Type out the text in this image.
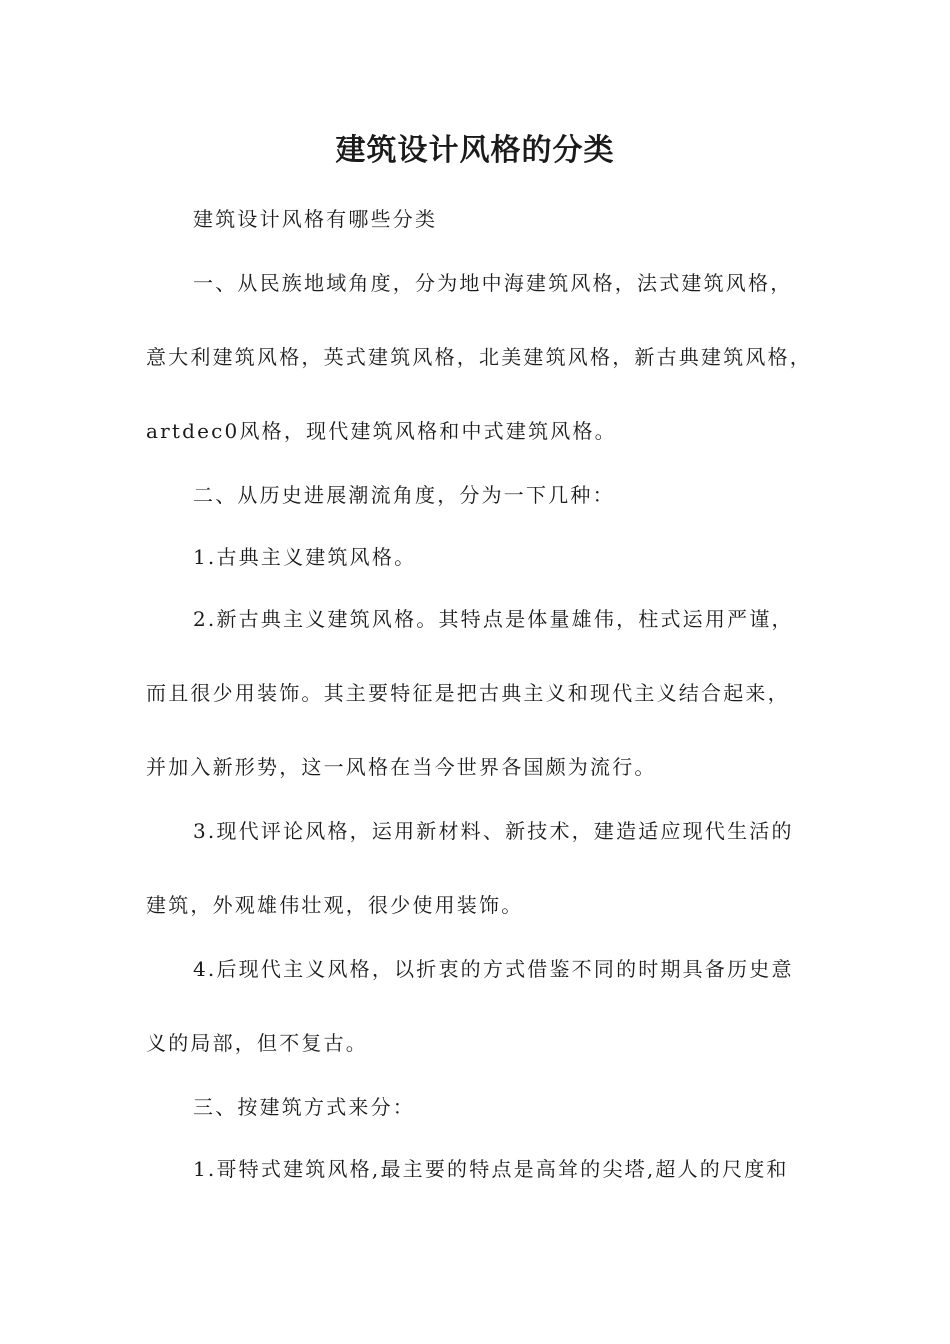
建筑设计风格的分类

建筑设计风格有哪些分类

一、从民族地域角度，分为地中海建筑风格，法式建筑风格，

意大利建筑风格，英式建筑风格，北美建筑风格，新古典建筑风格，

artdec0风格，现代建筑风格和中式建筑风格。

二、从历史进展潮流角度，分为一下几种：

1.古典主义建筑风格。

2.新古典主义建筑风格。其特点是体量雄伟，柱式运用严谨，

而且很少用装饰。其主要特征是把古典主义和现代主义结合起来，

并加入新形势，这一风格在当今世界各国颇为流行。

3.现代评论风格，运用新材料、新技术，建造适应现代生活的

建筑，外观雄伟壮观，很少使用装饰。

4.后现代主义风格，以折衷的方式借鉴不同的时期具备历史意

义的局部，但不复古。

三、按建筑方式来分：

1.哥特式建筑风格,最主要的特点是高耸的尖塔,超人的尺度和
